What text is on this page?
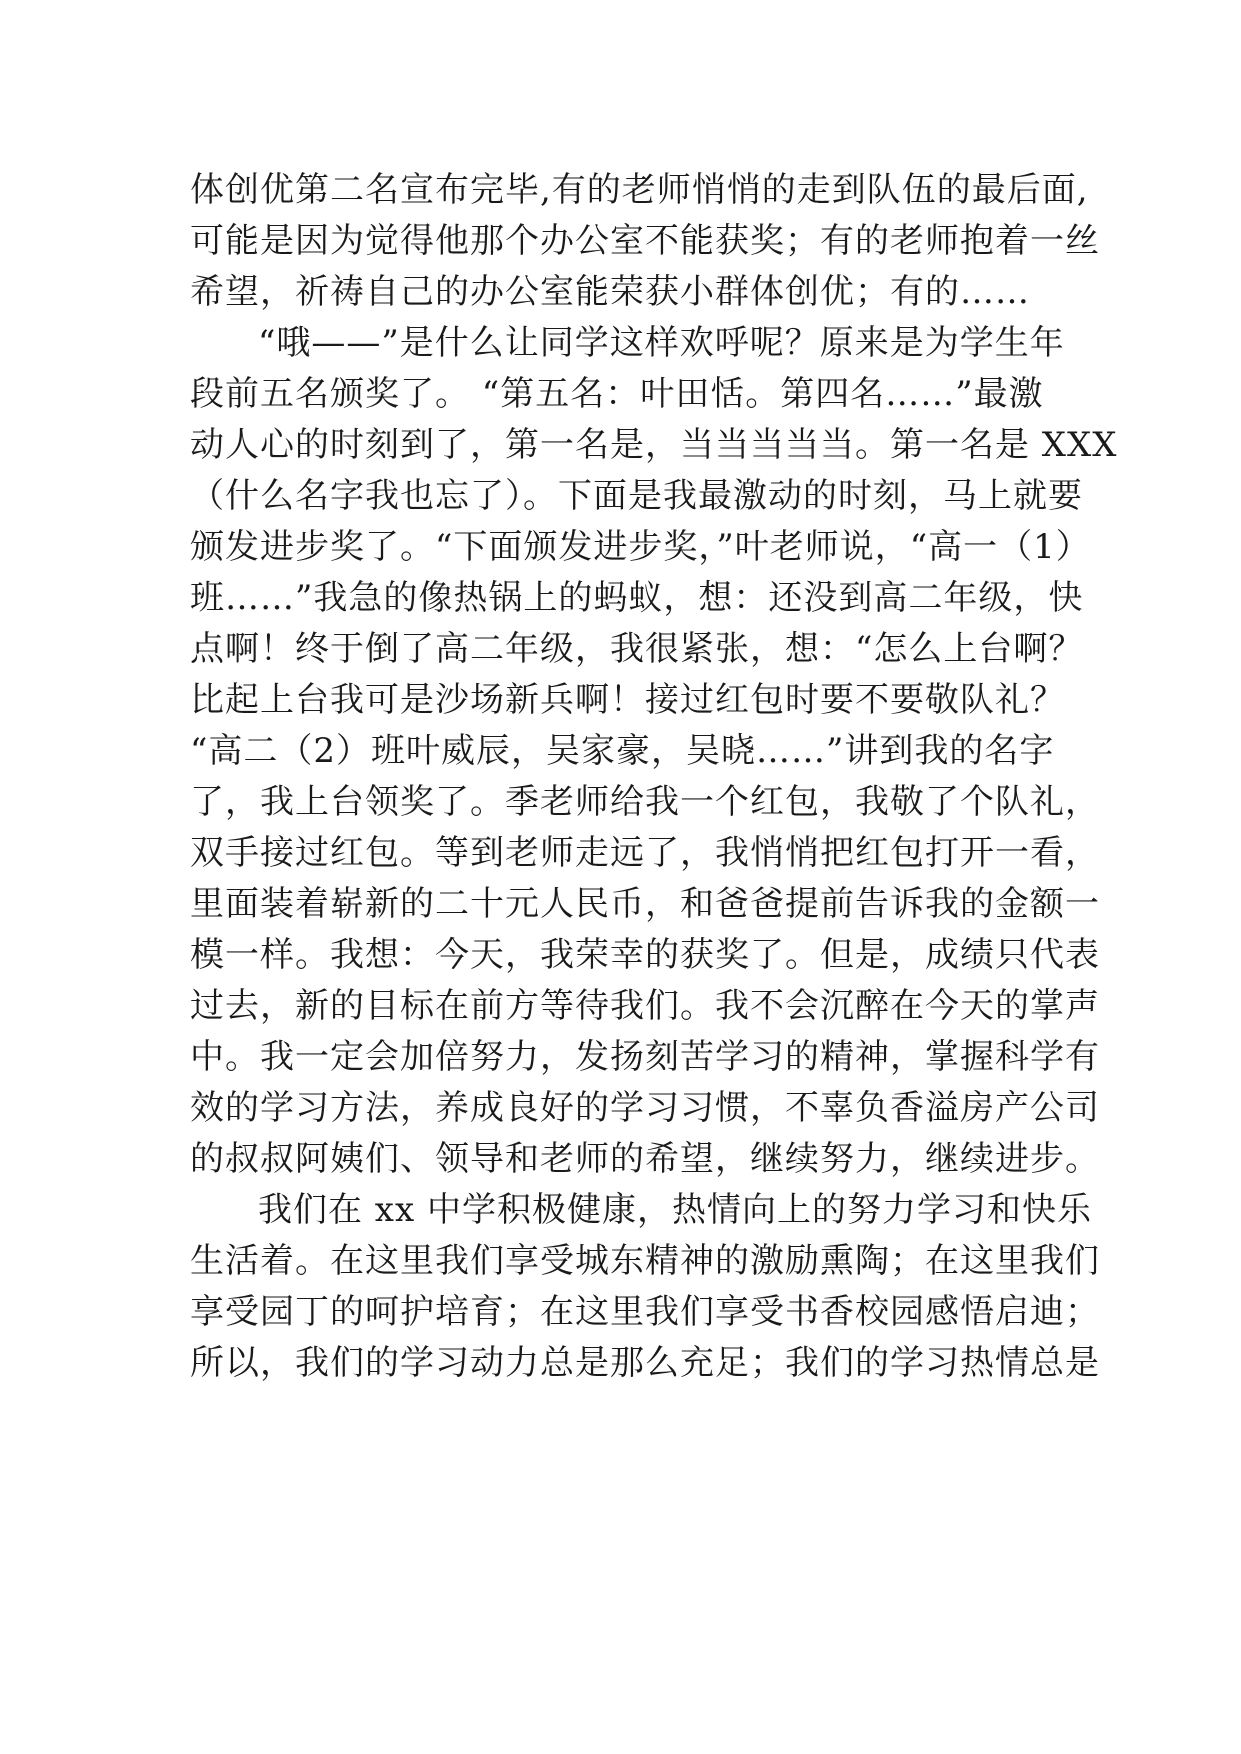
体创优第二名宣布完毕,有的老师悄悄的走到队伍的最后面,
可能是因为觉得他那个办公室不能获奖；有的老师抱着一丝
希望，祈祷自己的办公室能荣获小群体创优；有的……
“哦——”是什么让同学这样欢呼呢？原来是为学生年
段前五名颁奖了。 “第五名：叶田恬。第四名……”最激
动人心的时刻到了，第一名是，当当当当当。第一名是 XXX
（什么名字我也忘了）。下面是我最激动的时刻，马上就要
颁发进步奖了。“下面颁发进步奖，”叶老师说，“高一（1）
班……”我急的像热锅上的蚂蚁，想：还没到高二年级，快
点啊！终于倒了高二年级，我很紧张，想：“怎么上台啊？
比起上台我可是沙场新兵啊！接过红包时要不要敬队礼？
“高二（2）班叶威辰，吴家豪，吴晓……”讲到我的名字
了，我上台领奖了。季老师给我一个红包，我敬了个队礼，
双手接过红包。等到老师走远了，我悄悄把红包打开一看，
里面装着崭新的二十元人民币，和爸爸提前告诉我的金额一
模一样。我想：今天，我荣幸的获奖了。但是，成绩只代表
过去，新的目标在前方等待我们。我不会沉醉在今天的掌声
中。我一定会加倍努力，发扬刻苦学习的精神，掌握科学有
效的学习方法，养成良好的学习习惯，不辜负香溢房产公司
的叔叔阿姨们、领导和老师的希望，继续努力，继续进步。
我们在 xx 中学积极健康，热情向上的努力学习和快乐
生活着。在这里我们享受城东精神的激励熏陶；在这里我们
享受园丁的呵护培育；在这里我们享受书香校园感悟启迪；
所以，我们的学习动力总是那么充足；我们的学习热情总是
